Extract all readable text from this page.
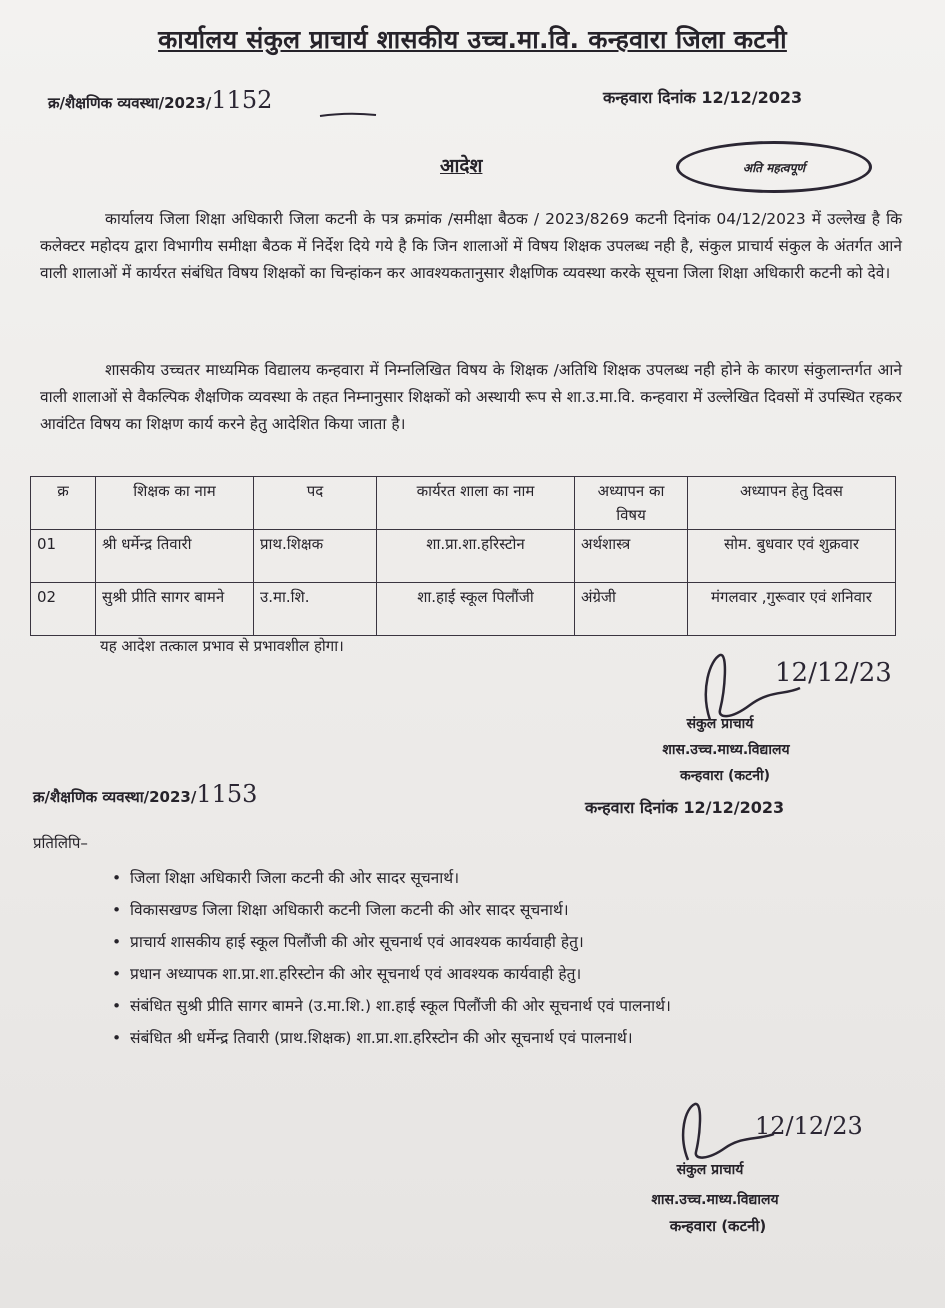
कार्यालय संकुल प्राचार्य शासकीय उच्च.मा.वि. कन्हवारा जिला कटनी
क्र/शैक्षणिक व्यवस्था/2023/1152	कन्हवारा दिनांक 12/12/2023
आदेश	अति महत्वपूर्ण
कार्यालय जिला शिक्षा अधिकारी जिला कटनी के पत्र क्रमांक /समीक्षा बैठक / 2023/8269 कटनी दिनांक 04/12/2023 में उल्लेख है कि कलेक्टर महोदय द्वारा विभागीय समीक्षा बैठक में निर्देश दिये गये है कि जिन शालाओं में विषय शिक्षक उपलब्ध नही है, संकुल प्राचार्य संकुल के अंतर्गत आने वाली शालाओं में कार्यरत संबंधित विषय शिक्षकों का चिन्हांकन कर आवश्यकतानुसार शैक्षणिक व्यवस्था करके सूचना जिला शिक्षा अधिकारी कटनी को देवे।
शासकीय उच्चतर माध्यमिक विद्यालय कन्हवारा में निम्नलिखित विषय के शिक्षक /अतिथि शिक्षक उपलब्ध नही होने के कारण संकुलान्तर्गत आने वाली शालाओं से वैकल्पिक शैक्षणिक व्यवस्था के तहत निम्नानुसार शिक्षकों को अस्थायी रूप से शा.उ.मा.वि. कन्हवारा में उल्लेखित दिवसों में उपस्थित रहकर आवंटित विषय का शिक्षण कार्य करने हेतु आदेशित किया जाता है।
क्र	शिक्षक का नाम	पद	कार्यरत शाला का नाम	अध्यापन का विषय	अध्यापन हेतु दिवस
01	श्री धर्मेन्द्र तिवारी	प्राथ.शिक्षक	शा.प्रा.शा.हरिस्टोन	अर्थशास्त्र	सोम. बुधवार एवं शुक्रवार
02	सुश्री प्रीति सागर बामने	उ.मा.शि.	शा.हाई स्कूल पिलौंजी	अंग्रेजी	मंगलवार ,गुरूवार एवं शनिवार
यह आदेश तत्काल प्रभाव से प्रभावशील होगा।
12/12/23
संकुल प्राचार्य
शास.उच्च.माध्य.विद्यालय
कन्हवारा (कटनी)
क्र/शैक्षणिक व्यवस्था/2023/1153	कन्हवारा दिनांक 12/12/2023
प्रतिलिपि–
• जिला शिक्षा अधिकारी जिला कटनी की ओर सादर सूचनार्थ।
• विकासखण्ड जिला शिक्षा अधिकारी कटनी जिला कटनी की ओर सादर सूचनार्थ।
• प्राचार्य शासकीय हाई स्कूल पिलौंजी की ओर सूचनार्थ एवं आवश्यक कार्यवाही हेतु।
• प्रधान अध्यापक शा.प्रा.शा.हरिस्टोन की ओर सूचनार्थ एवं आवश्यक कार्यवाही हेतु।
• संबंधित सुश्री प्रीति सागर बामने (उ.मा.शि.) शा.हाई स्कूल पिलौंजी की ओर सूचनार्थ एवं पालनार्थ।
• संबंधित श्री धर्मेन्द्र तिवारी (प्राथ.शिक्षक) शा.प्रा.शा.हरिस्टोन की ओर सूचनार्थ एवं पालनार्थ।
12/12/23
संकुल प्राचार्य
शास.उच्च.माध्य.विद्यालय
कन्हवारा (कटनी)
